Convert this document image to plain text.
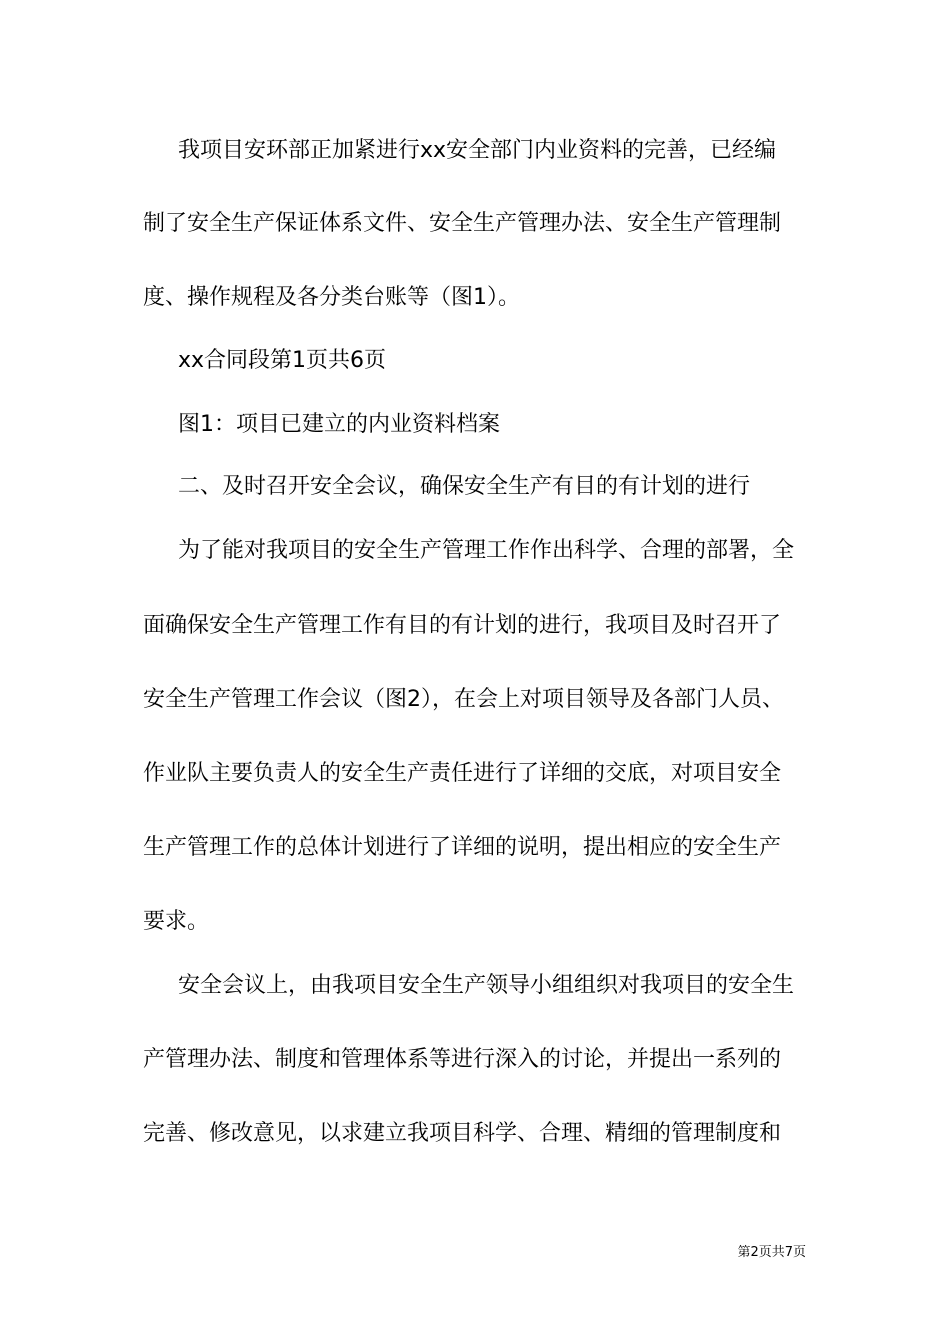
我项目安环部正加紧进行xx安全部门内业资料的完善，已经编
制了安全生产保证体系文件、安全生产管理办法、安全生产管理制
度、操作规程及各分类台账等（图1）。
xx合同段第1页共6页
图1：项目已建立的内业资料档案
二、及时召开安全会议，确保安全生产有目的有计划的进行
为了能对我项目的安全生产管理工作作出科学、合理的部署，全
面确保安全生产管理工作有目的有计划的进行，我项目及时召开了
安全生产管理工作会议（图2），在会上对项目领导及各部门人员、
作业队主要负责人的安全生产责任进行了详细的交底，对项目安全
生产管理工作的总体计划进行了详细的说明，提出相应的安全生产
要求。
安全会议上，由我项目安全生产领导小组组织对我项目的安全生
产管理办法、制度和管理体系等进行深入的讨论，并提出一系列的
完善、修改意见，以求建立我项目科学、合理、精细的管理制度和
第2页共7页
